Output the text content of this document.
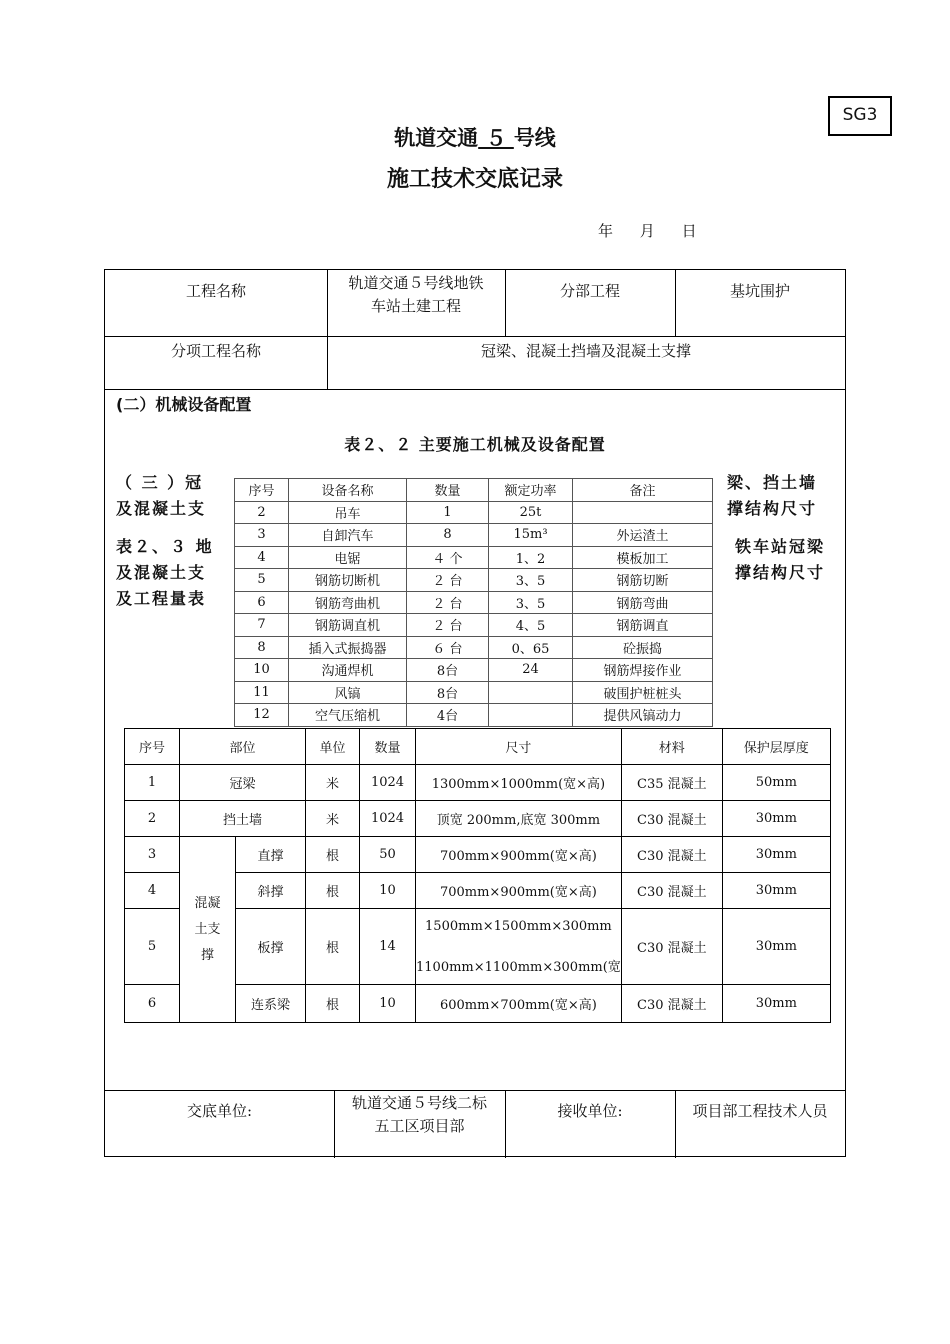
SG3
轨道交通 ５ 号线
施工技术交底记录
年 月 日
工程名称	轨道交通５号线地铁
车站土建工程
分部工程	基坑围护
分项工程名称	冠梁、混凝土挡墙及混凝土支撑
交底单位:	轨道交通５号线二标
五工区项目部
接收单位:	项目部工程技术人员
(二）机械设备配置
表２、２ 主要施工机械及设备配置
（ 三 ）冠
及混凝土支
表２、３ 地
及混凝土支
及工程量表
梁、挡土墙
撑结构尺寸
铁车站冠梁
撑结构尺寸
序号	设备名称	数量	额定功率	备注
2	吊车	1	25t	
3	自卸汽车	8	15m³	外运渣土
4	电锯	４ 个	1、2	模板加工
5	钢筋切断机	２ 台	3、5	钢筋切断
6	钢筋弯曲机	２ 台	3、5	钢筋弯曲
7	钢筋调直机	２ 台	4、5	钢筋调直
8	插入式振捣器	６ 台	0、65	砼振捣
10	沟通焊机	8台	24	钢筋焊接作业
11	风镐	8台		破围护桩桩头
12	空气压缩机	4台		提供风镐动力
序号	部位		单位	数量	尺寸	材料	保护层厚度
1	冠梁		米	1024	1300mm×1000mm(宽×高)	C35 混凝土	50mm
2	挡土墙		米	1024	顶宽 200mm,底宽 300mm	C30 混凝土	30mm
3	混凝
土支
撑	直撑	根	50	700mm×900mm(宽×高)	C30 混凝土	30mm
4		斜撑	根	10	700mm×900mm(宽×高)	C30 混凝土	30mm
5		板撑	根	14	1500mm×1500mm×300mm
1100mm×1100mm×300mm(宽	C30 混凝土	30mm
6		连系梁	根	10	600mm×700mm(宽×高)	C30 混凝土	30mm
